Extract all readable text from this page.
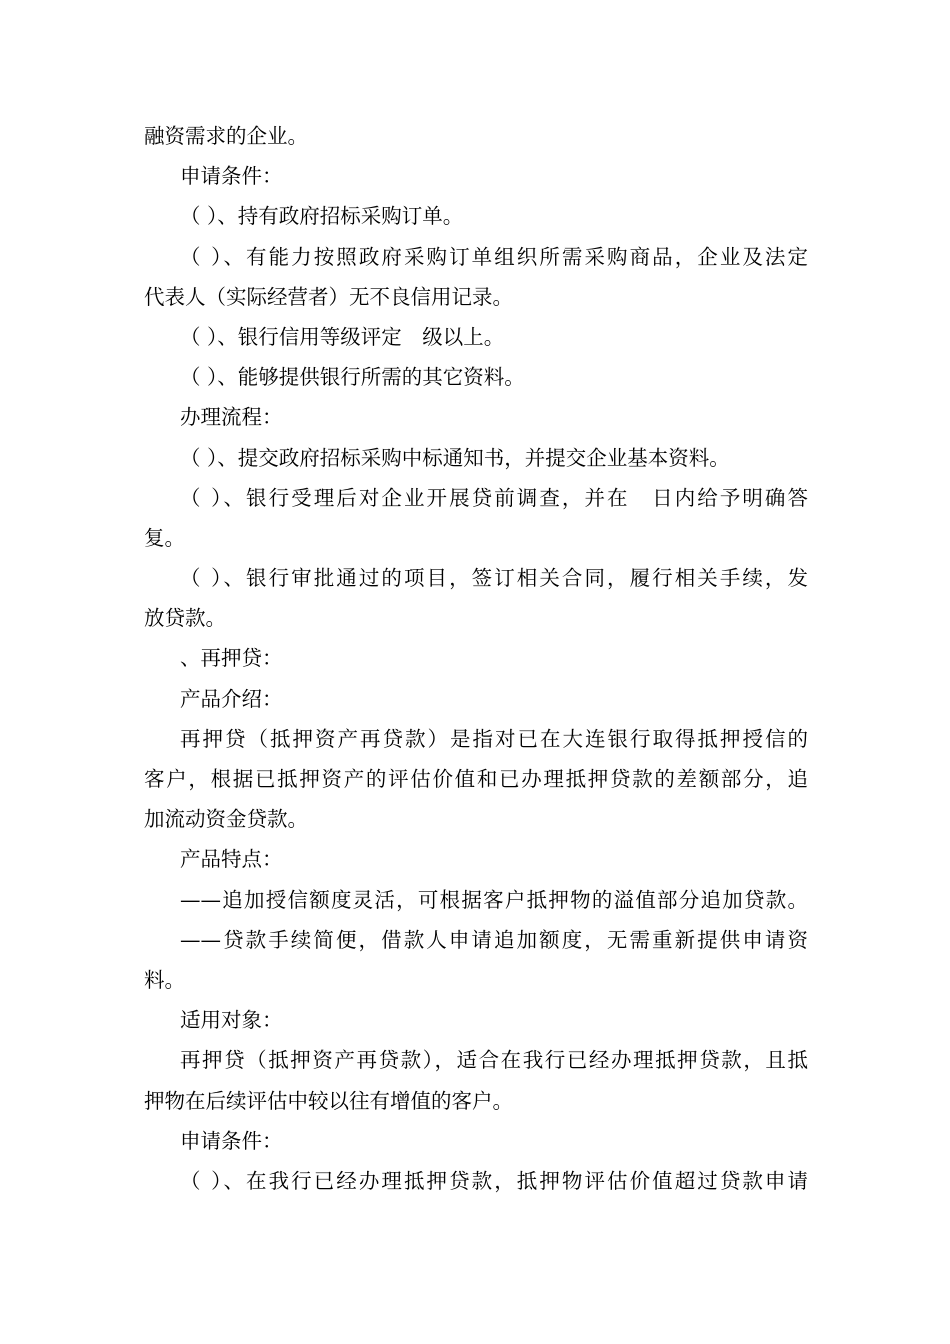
融资需求的企业。
申请条件：
（ ）、持有政府招标采购订单。
（ ）、有能力按照政府采购订单组织所需采购商品，企业及法定
代表人（实际经营者）无不良信用记录。
（ ）、银行信用等级评定　级以上。
（ ）、能够提供银行所需的其它资料。
办理流程：
（ ）、提交政府招标采购中标通知书，并提交企业基本资料。
（ ）、银行受理后对企业开展贷前调查，并在　日内给予明确答
复。
（ ）、银行审批通过的项目，签订相关合同，履行相关手续，发
放贷款。
、再押贷：
产品介绍：
再押贷（抵押资产再贷款）是指对已在大连银行取得抵押授信的
客户，根据已抵押资产的评估价值和已办理抵押贷款的差额部分，追
加流动资金贷款。
产品特点：
——追加授信额度灵活，可根据客户抵押物的溢值部分追加贷款。
——贷款手续简便，借款人申请追加额度，无需重新提供申请资
料。
适用对象：
再押贷（抵押资产再贷款），适合在我行已经办理抵押贷款，且抵
押物在后续评估中较以往有增值的客户。
申请条件：
（ ）、在我行已经办理抵押贷款，抵押物评估价值超过贷款申请
